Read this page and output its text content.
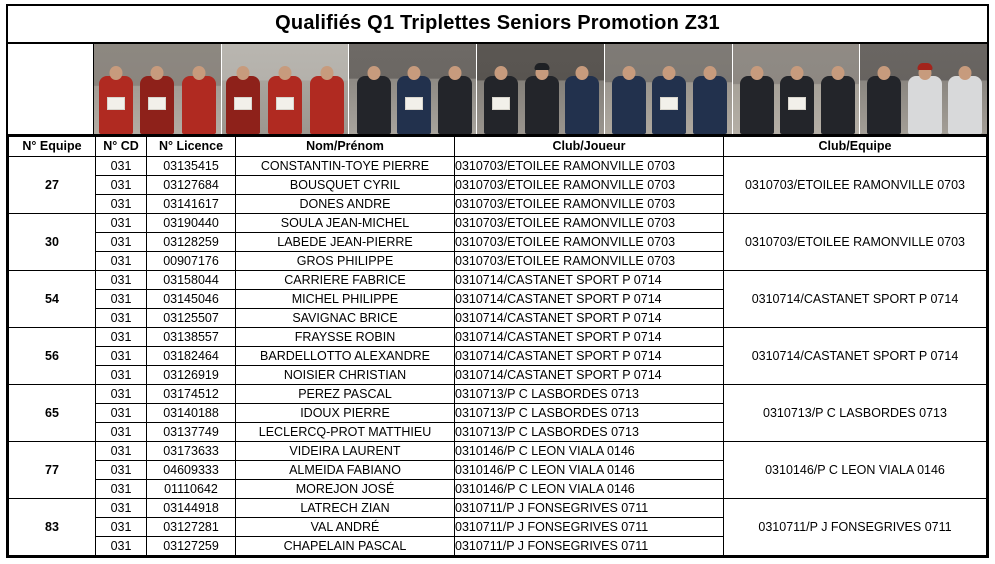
Qualifiés Q1 Triplettes Seniors Promotion Z31
N° Equipe	N° CD	N° Licence	Nom/Prénom	Club/Joueur	Club/Equipe
27	031	03135415	CONSTANTIN-TOYE PIERRE	0310703/ETOILEE RAMONVILLE 0703	0310703/ETOILEE RAMONVILLE 0703
	031	03127684	BOUSQUET CYRIL	0310703/ETOILEE RAMONVILLE 0703	
	031	03141617	DONES ANDRE	0310703/ETOILEE RAMONVILLE 0703	
30	031	03190440	SOULA JEAN-MICHEL	0310703/ETOILEE RAMONVILLE 0703	0310703/ETOILEE RAMONVILLE 0703
	031	03128259	LABEDE JEAN-PIERRE	0310703/ETOILEE RAMONVILLE 0703	
	031	00907176	GROS PHILIPPE	0310703/ETOILEE RAMONVILLE 0703	
54	031	03158044	CARRIERE FABRICE	0310714/CASTANET SPORT P 0714	0310714/CASTANET SPORT P 0714
	031	03145046	MICHEL PHILIPPE	0310714/CASTANET SPORT P 0714	
	031	03125507	SAVIGNAC BRICE	0310714/CASTANET SPORT P 0714	
56	031	03138557	FRAYSSE ROBIN	0310714/CASTANET SPORT P 0714	0310714/CASTANET SPORT P 0714
	031	03182464	BARDELLOTTO ALEXANDRE	0310714/CASTANET SPORT P 0714	
	031	03126919	NOISIER CHRISTIAN	0310714/CASTANET SPORT P 0714	
65	031	03174512	PEREZ PASCAL	0310713/P C LASBORDES 0713	0310713/P C LASBORDES 0713
	031	03140188	IDOUX PIERRE	0310713/P C LASBORDES 0713	
	031	03137749	LECLERCQ-PROT MATTHIEU	0310713/P C LASBORDES 0713	
77	031	03173633	VIDEIRA LAURENT	0310146/P C LEON VIALA 0146	0310146/P C LEON VIALA 0146
	031	04609333	ALMEIDA FABIANO	0310146/P C LEON VIALA 0146	
	031	01110642	MOREJON JOSÉ	0310146/P C LEON VIALA 0146	
83	031	03144918	LATRECH ZIAN	0310711/P J FONSEGRIVES 0711	0310711/P J FONSEGRIVES 0711
	031	03127281	VAL ANDRÉ	0310711/P J FONSEGRIVES 0711	
	031	03127259	CHAPELAIN PASCAL	0310711/P J FONSEGRIVES 0711	
